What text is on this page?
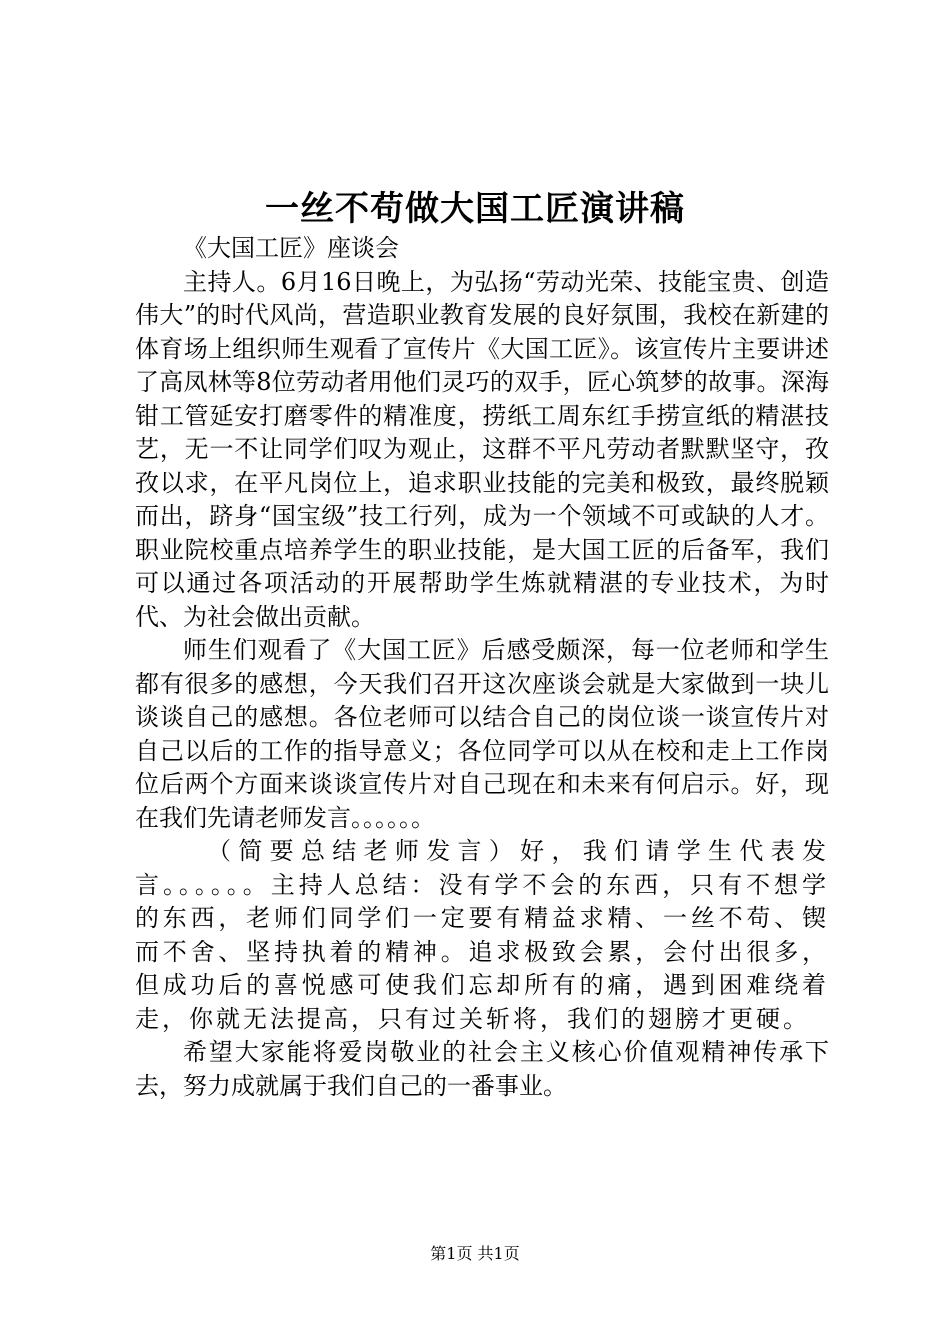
一丝不苟做大国工匠演讲稿

《大国工匠》座谈会

主持人。6月16日晚上，为弘扬“劳动光荣、技能宝贵、创造伟大”的时代风尚，营造职业教育发展的良好氛围，我校在新建的体育场上组织师生观看了宣传片《大国工匠》。该宣传片主要讲述了高凤林等8位劳动者用他们灵巧的双手，匠心筑梦的故事。深海钳工管延安打磨零件的精准度，捞纸工周东红手捞宣纸的精湛技艺，无一不让同学们叹为观止，这群不平凡劳动者默默坚守，孜孜以求，在平凡岗位上，追求职业技能的完美和极致，最终脱颖而出，跻身“国宝级”技工行列，成为一个领域不可或缺的人才。职业院校重点培养学生的职业技能，是大国工匠的后备军，我们可以通过各项活动的开展帮助学生炼就精湛的专业技术，为时代、为社会做出贡献。

师生们观看了《大国工匠》后感受颇深，每一位老师和学生都有很多的感想，今天我们召开这次座谈会就是大家做到一块儿谈谈自己的感想。各位老师可以结合自己的岗位谈一谈宣传片对自己以后的工作的指导意义；各位同学可以从在校和走上工作岗位后两个方面来谈谈宣传片对自己现在和未来有何启示。好，现在我们先请老师发言。。。。。。

（简要总结老师发言）好，我们请学生代表发言。。。。。。主持人总结：没有学不会的东西，只有不想学的东西，老师们同学们一定要有精益求精、一丝不苟、锲而不舍、坚持执着的精神。追求极致会累，会付出很多，但成功后的喜悦感可使我们忘却所有的痛，遇到困难绕着走，你就无法提高，只有过关斩将，我们的翅膀才更硬。

希望大家能将爱岗敬业的社会主义核心价值观精神传承下去，努力成就属于我们自己的一番事业。

第1页 共1页
